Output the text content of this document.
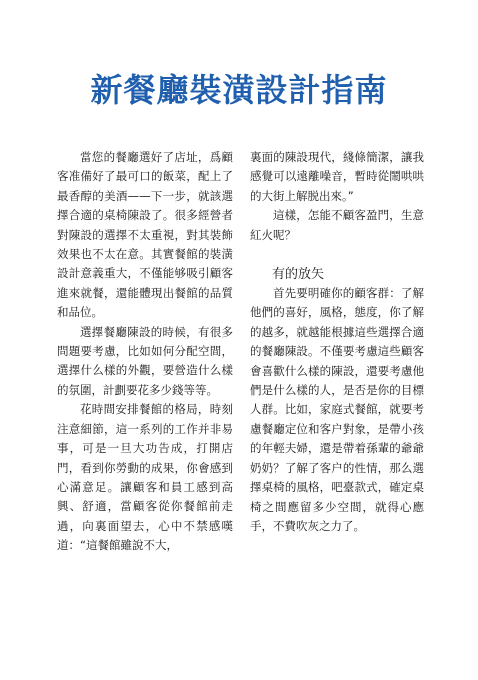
新餐廳裝潢設計指南

當您的餐廳選好了店址，爲顧客准備好了最可口的飯菜，配上了最香醇的美酒——下一步，就該選擇合適的桌椅陳設了。很多經營者對陳設的選擇不太重視，對其裝飾效果也不太在意。其實餐館的裝潢設計意義重大，不僅能够吸引顧客進來就餐，還能體現出餐館的品質和品位。

選擇餐廳陳設的時候，有很多問題要考慮，比如如何分配空間，選擇什么樣的外觀，要營造什么樣的氛圍，計劃要花多少錢等等。

花時間安排餐館的格局，時刻注意細節，這一系列的工作并非易事，可是一旦大功告成，打開店門，看到你勞動的成果，你會感到心滿意足。讓顧客和員工感到高興、舒適，當顧客從你餐館前走過，向裏面望去，心中不禁感嘆道：“這餐館雖說不大，

裏面的陳設現代，綫條簡潔，讓我感覺可以遠離噪音，暫時從鬧哄哄的大街上解脱出來。”

這樣，怎能不顧客盈門，生意紅火呢？

有的放矢

首先要明確你的顧客群：了解他們的喜好，風格，態度，你了解的越多，就越能根據這些選擇合適的餐廳陳設。不僅要考慮這些顧客會喜歡什么樣的陳設，還要考慮他們是什么樣的人，是否是你的目標人群。比如，家庭式餐館，就要考慮餐廳定位和客户對象，是帶小孩的年輕夫婦，還是帶着孫輩的爺爺奶奶？了解了客户的性情，那么選擇桌椅的風格，吧臺款式，確定桌椅之間應留多少空間，就得心應手，不費吹灰之力了。
